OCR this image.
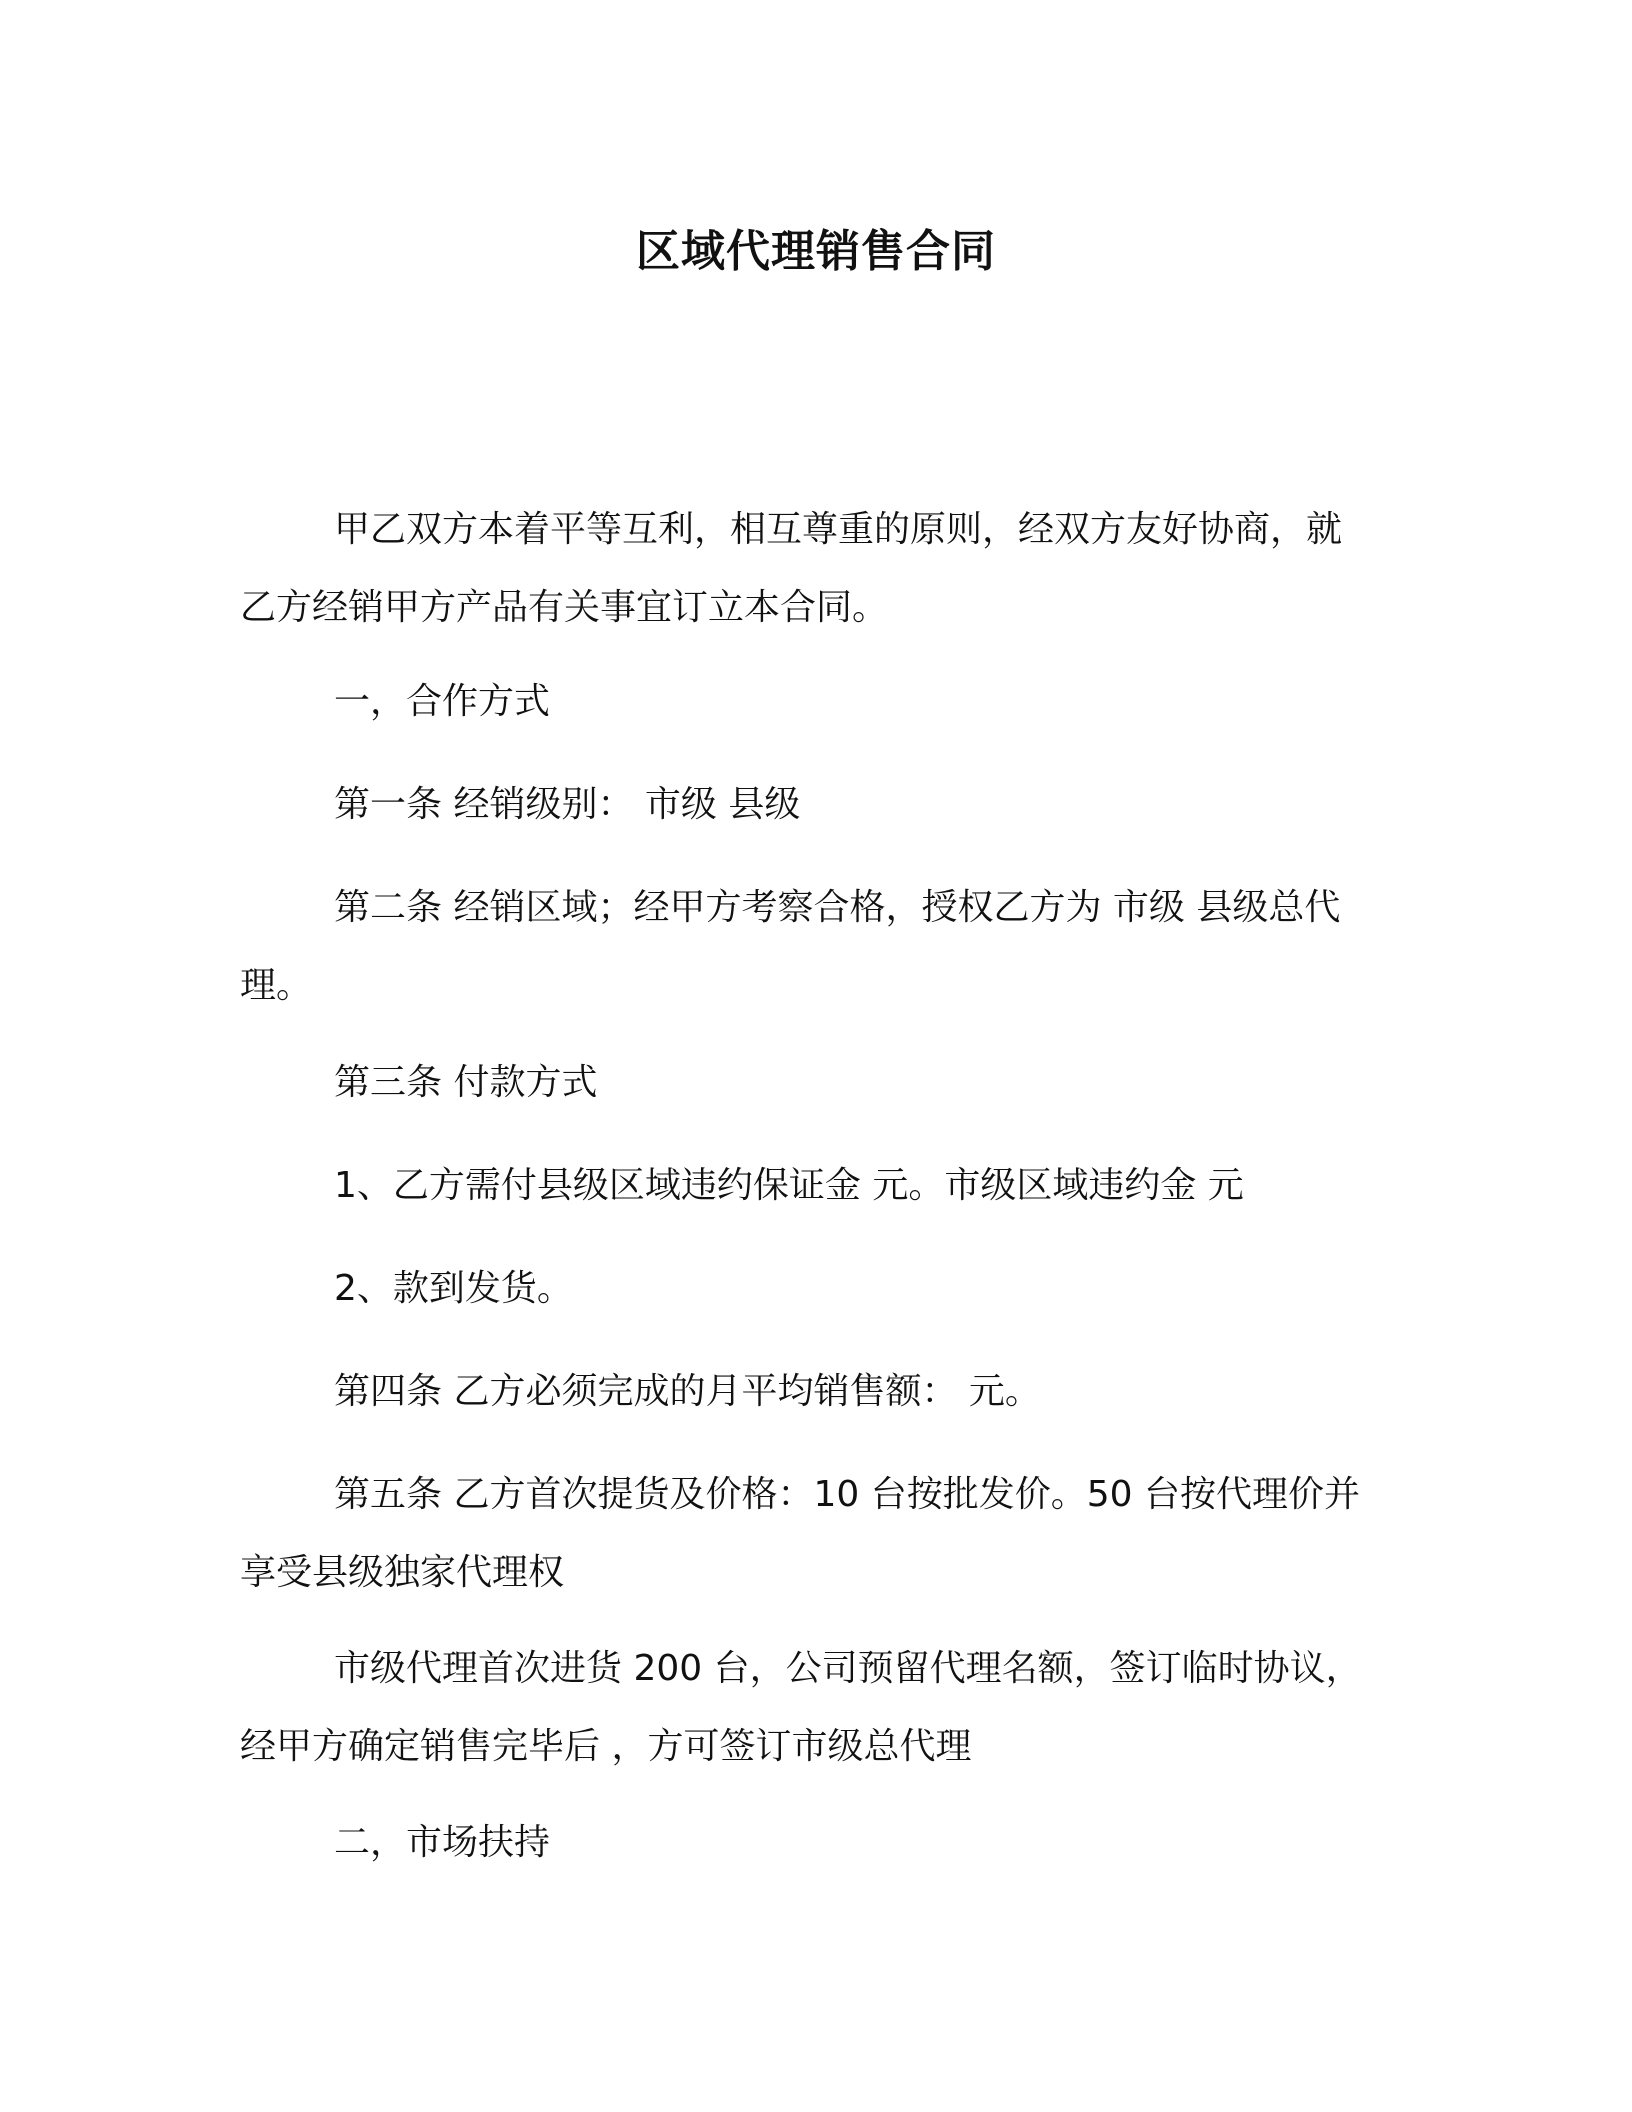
区域代理销售合同

甲乙双方本着平等互利，相互尊重的原则，经双方友好协商，就乙方经销甲方产品有关事宜订立本合同。

一，合作方式

第一条 经销级别： 市级 县级

第二条 经销区域；经甲方考察合格，授权乙方为 市级 县级总代理。

第三条 付款方式

1、乙方需付县级区域违约保证金 元。市级区域违约金 元

2、款到发货。

第四条 乙方必须完成的月平均销售额： 元。

第五条 乙方首次提货及价格：10 台按批发价。50 台按代理价并享受县级独家代理权

市级代理首次进货 200 台，公司预留代理名额，签订临时协议，经甲方确定销售完毕后 ，方可签订市级总代理

二，市场扶持
